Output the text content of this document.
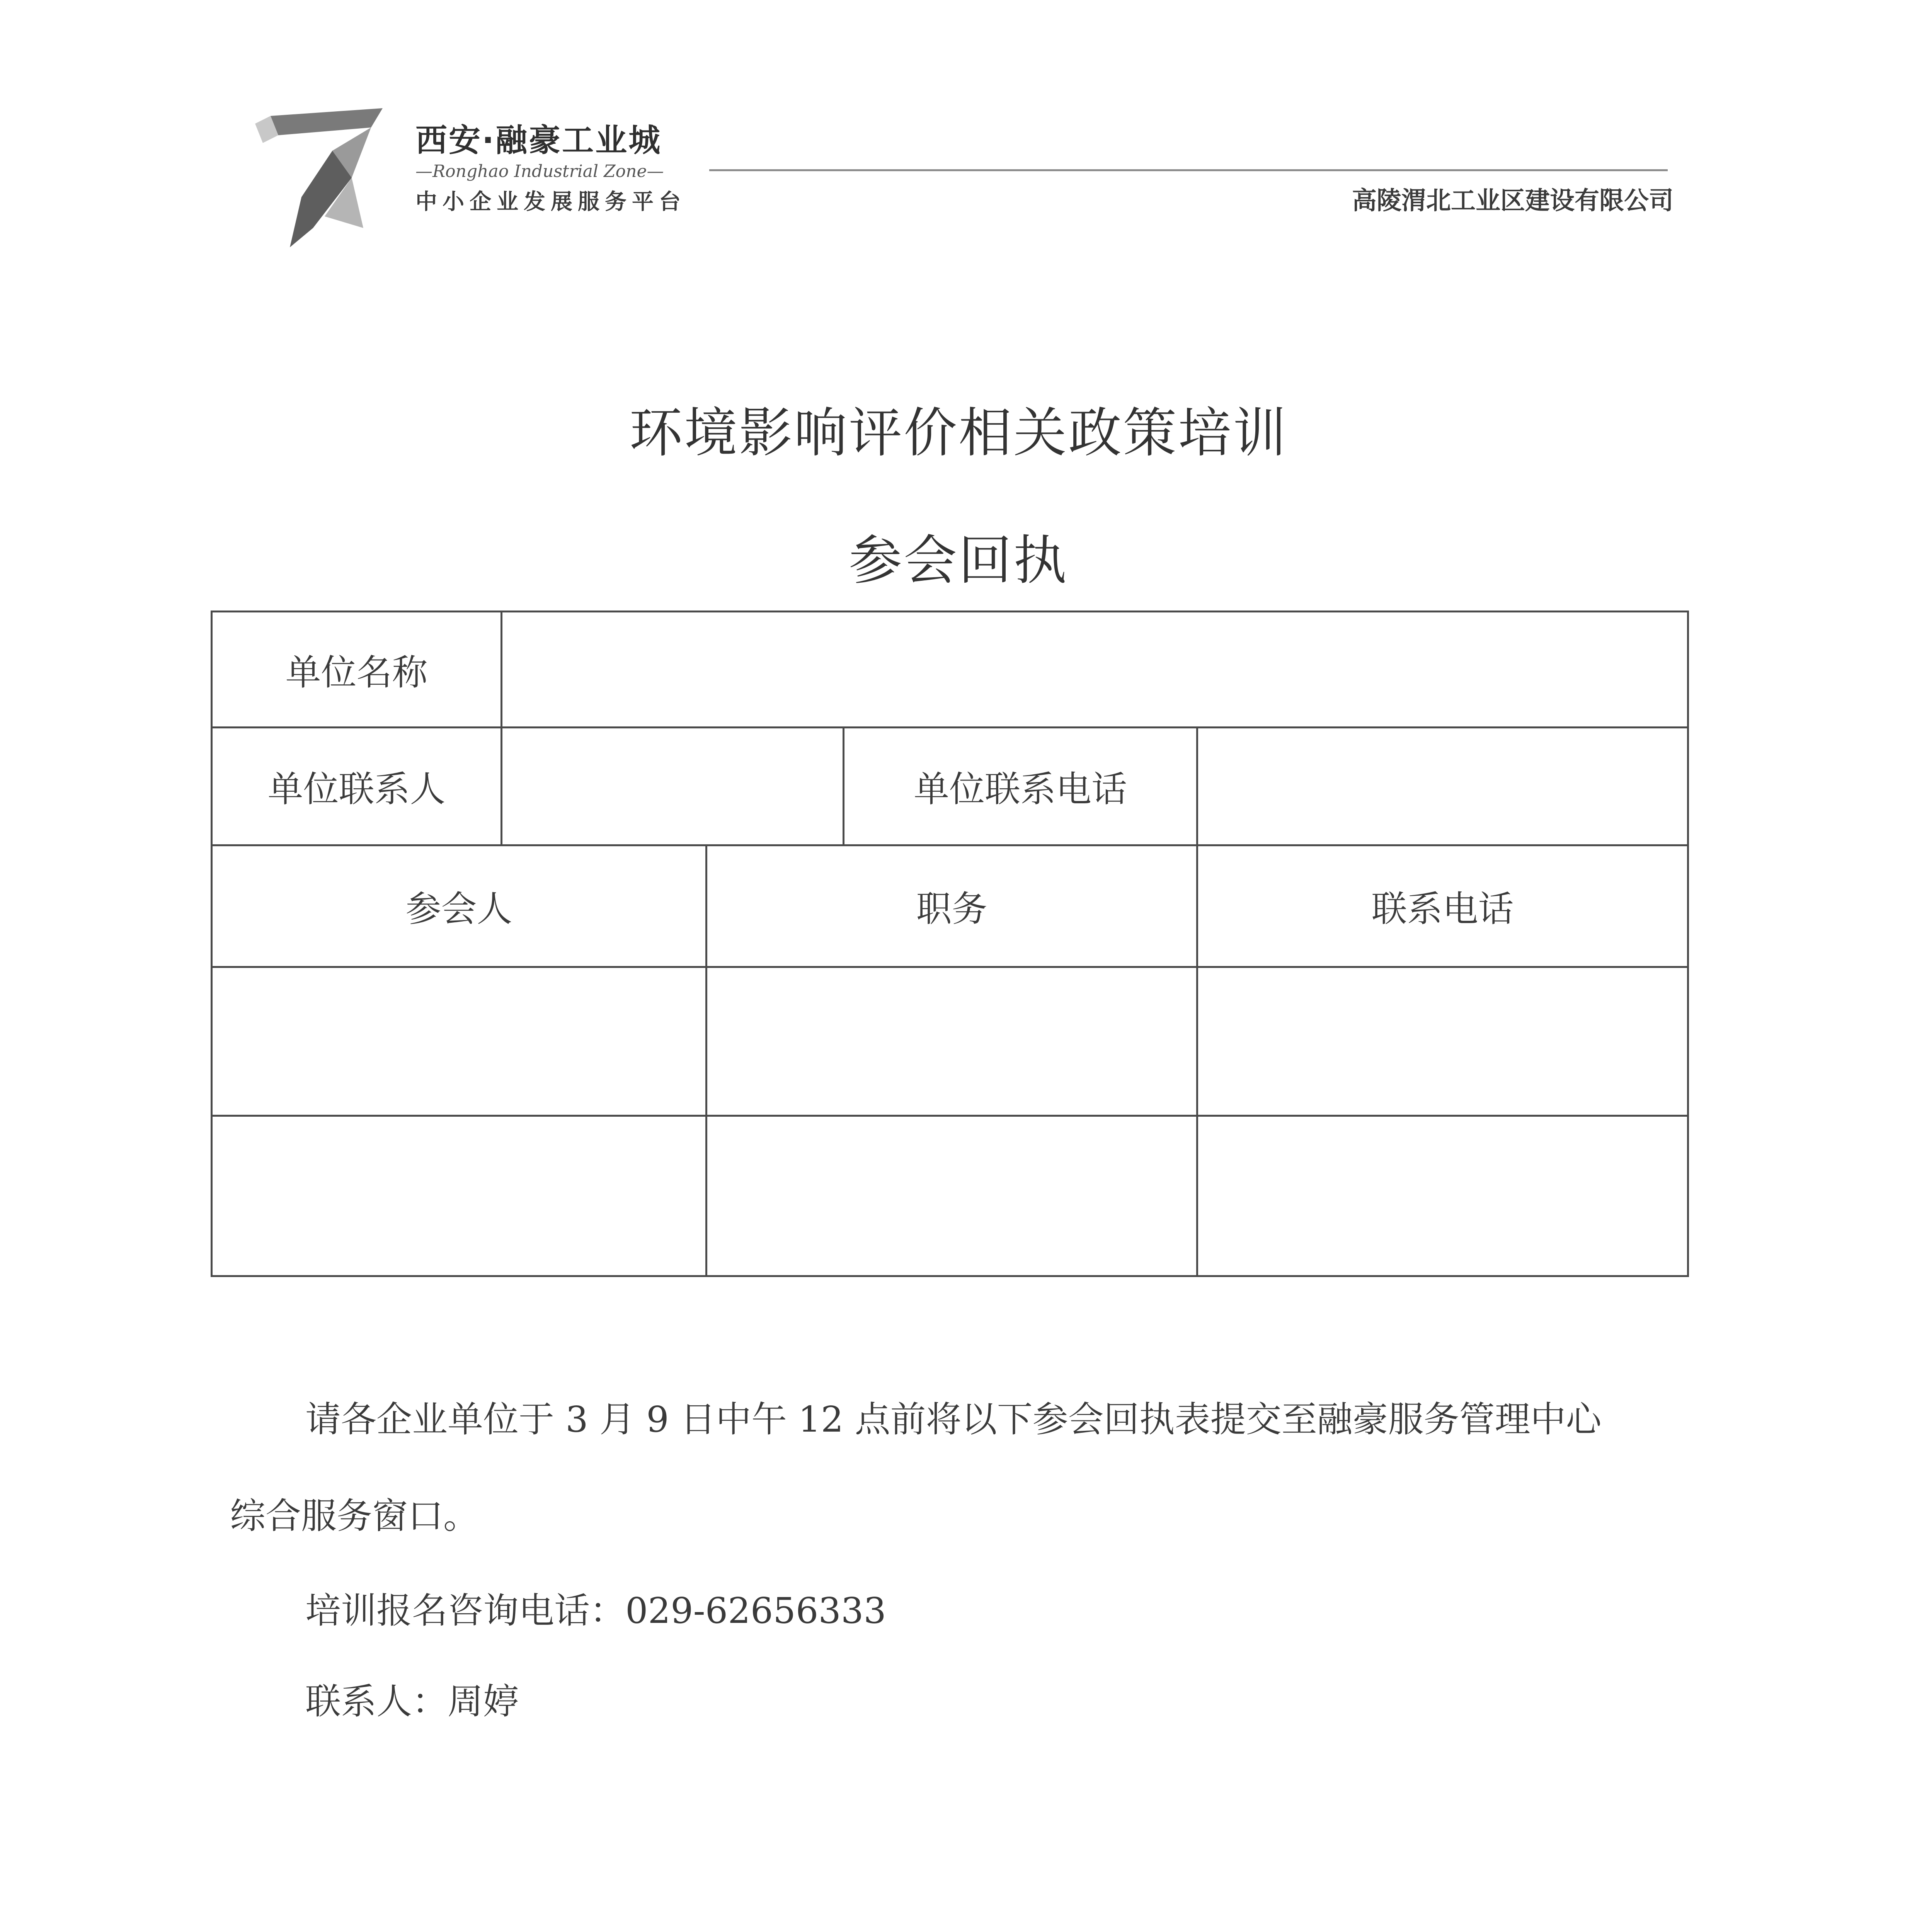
西安·融豪工业城
—Ronghao Industrial Zone—
中小企业发展服务平台	高陵渭北工业区建设有限公司
环境影响评价相关政策培训
参会回执
单位名称
单位联系人	单位联系电话
参会人	职务	联系电话
请各企业单位于 3 月 9 日中午 12 点前将以下参会回执表提交至融豪服务管理中心
综合服务窗口。
培训报名咨询电话：029-62656333
联系人：周婷
